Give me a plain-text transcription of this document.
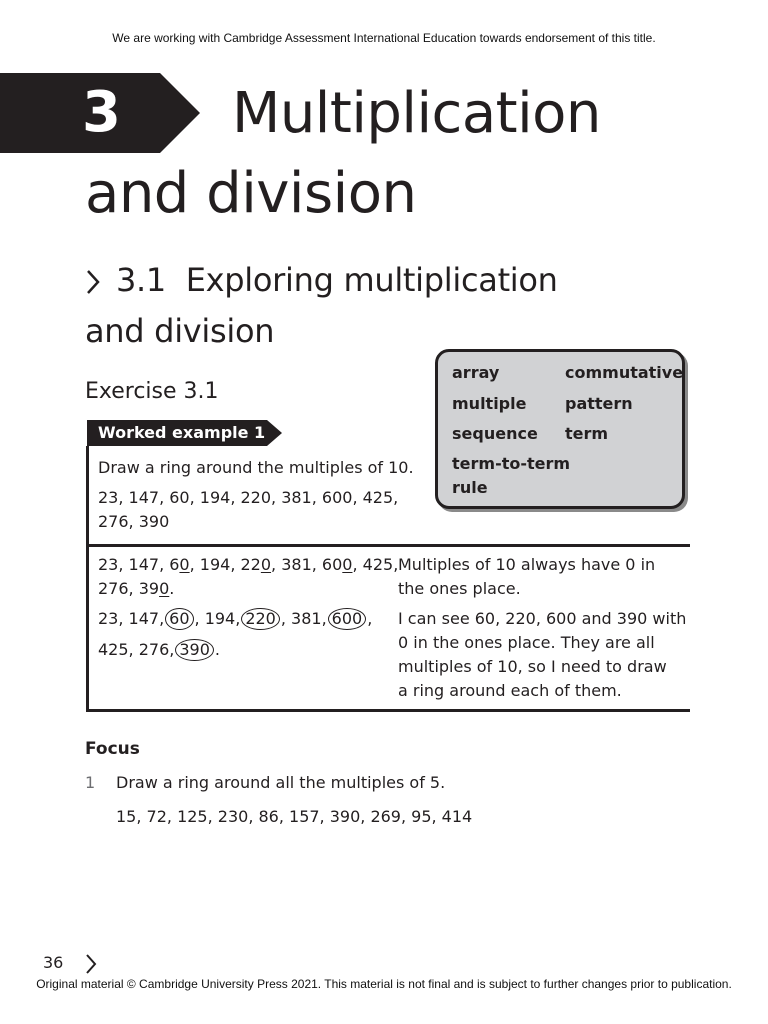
We are working with Cambridge Assessment International Education towards endorsement of this title.
3 Multiplication
and division
3.1  Exploring multiplication
and division
Exercise 3.1
array	commutative
multiple pattern
sequence term
term-to-term
rule
Worked example 1
Draw a ring around the multiples of 10.
23, 147, 60, 194, 220, 381, 600, 425,
276, 390
23, 147, 60, 194, 220, 381, 600, 425,
276, 390.
23, 147, 60 , 194, 220 , 381, 600 ,
425, 276, 390 .
Multiples of 10 always have 0 in
the ones place.
I can see 60, 220, 600 and 390 with
0 in the ones place. They are all
multiples of 10, so I need to draw
a ring around each of them.
Focus
1 Draw a ring around all the multiples of 5.
15, 72, 125, 230, 86, 157, 390, 269, 95, 414
36
Original material © Cambridge University Press 2021. This material is not final and is subject to further changes prior to publication.
